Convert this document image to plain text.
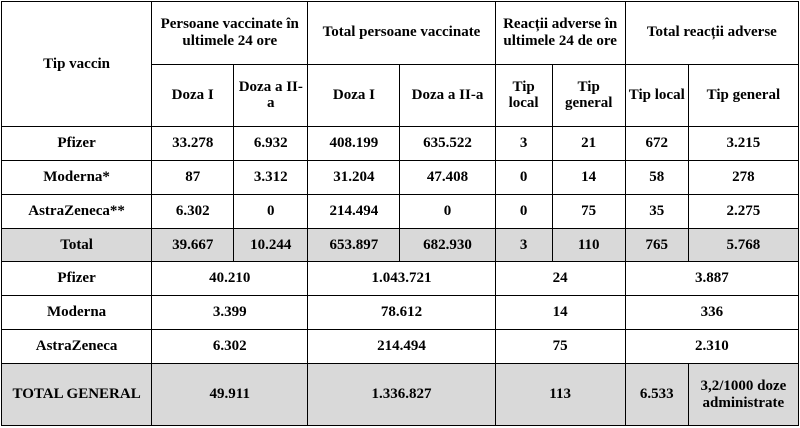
Tip vaccin	Persoane vaccinate în ultimele 24 ore		Total persoane vaccinate		Reacții adverse în ultimele 24 de ore		Total reacții adverse	
	Doza I	Doza a II-a	Doza I	Doza a II-a	Tip local	Tip general	Tip local	Tip general
Pfizer	33.278	6.932	408.199	635.522	3	21	672	3.215
Moderna*	87	3.312	31.204	47.408	0	14	58	278
AstraZeneca**	6.302	0	214.494	0	0	75	35	2.275
Total	39.667	10.244	653.897	682.930	3	110	765	5.768
Pfizer	40.210		1.043.721		24		3.887	
Moderna	3.399		78.612		14		336	
AstraZeneca	6.302		214.494		75		2.310	
TOTAL GENERAL	49.911		1.336.827		113		6.533	3,2/1000 doze administrate
